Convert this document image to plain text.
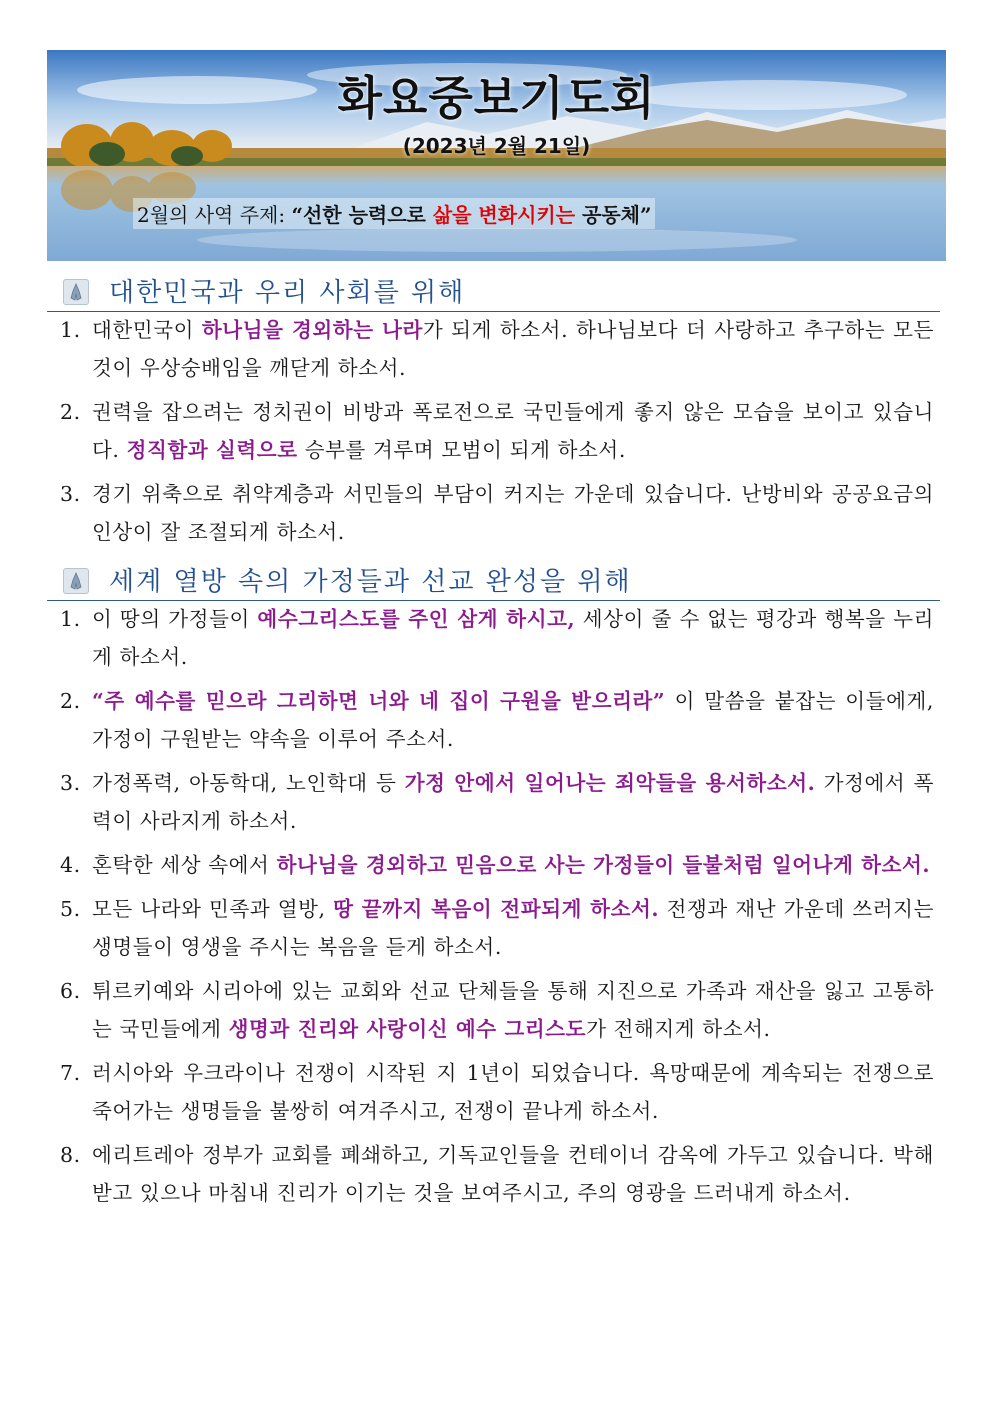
화요중보기도회
(2023년 2월 21일)
2월의 사역 주제: “선한 능력으로 삶을 변화시키는 공동체”
대한민국과 우리 사회를 위해
1. 대한민국이 하나님을 경외하는 나라가 되게 하소서. 하나님보다 더 사랑하고 추구하는 모든 것이 우상숭배임을 깨닫게 하소서.
2. 권력을 잡으려는 정치권이 비방과 폭로전으로 국민들에게 좋지 않은 모습을 보이고 있습니다. 정직함과 실력으로 승부를 겨루며 모범이 되게 하소서.
3. 경기 위축으로 취약계층과 서민들의 부담이 커지는 가운데 있습니다. 난방비와 공공요금의 인상이 잘 조절되게 하소서.
세계 열방 속의 가정들과 선교 완성을 위해
1. 이 땅의 가정들이 예수그리스도를 주인 삼게 하시고, 세상이 줄 수 없는 평강과 행복을 누리게 하소서.
2. “주 예수를 믿으라 그리하면 너와 네 집이 구원을 받으리라” 이 말씀을 붙잡는 이들에게, 가정이 구원받는 약속을 이루어 주소서.
3. 가정폭력, 아동학대, 노인학대 등 가정 안에서 일어나는 죄악들을 용서하소서. 가정에서 폭력이 사라지게 하소서.
4. 혼탁한 세상 속에서 하나님을 경외하고 믿음으로 사는 가정들이 들불처럼 일어나게 하소서.
5. 모든 나라와 민족과 열방, 땅 끝까지 복음이 전파되게 하소서. 전쟁과 재난 가운데 쓰러지는 생명들이 영생을 주시는 복음을 듣게 하소서.
6. 튀르키예와 시리아에 있는 교회와 선교 단체들을 통해 지진으로 가족과 재산을 잃고 고통하는 국민들에게 생명과 진리와 사랑이신 예수 그리스도가 전해지게 하소서.
7. 러시아와 우크라이나 전쟁이 시작된 지 1년이 되었습니다. 욕망때문에 계속되는 전쟁으로 죽어가는 생명들을 불쌍히 여겨주시고, 전쟁이 끝나게 하소서.
8. 에리트레아 정부가 교회를 폐쇄하고, 기독교인들을 컨테이너 감옥에 가두고 있습니다. 박해받고 있으나 마침내 진리가 이기는 것을 보여주시고, 주의 영광을 드러내게 하소서.
